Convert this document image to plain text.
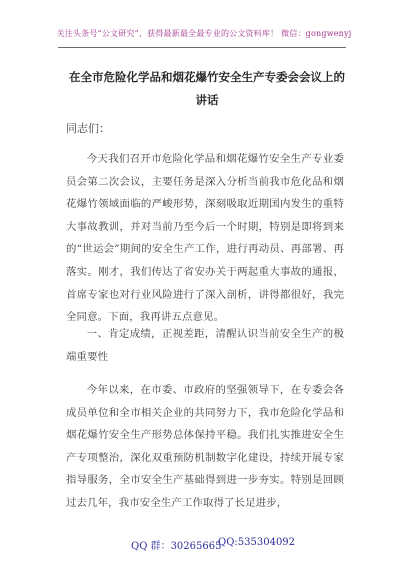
关注头条号“公文研究”，获得最新最全最专业的公文资料库！ 微信：gongwenyj
在全市危险化学品和烟花爆竹安全生产专委会会议上的讲话
同志们：

今天我们召开市危险化学品和烟花爆竹安全生产专业委员会第二次会议，主要任务是深入分析当前我市危化品和烟花爆竹领域面临的严峻形势，深刻吸取近期国内发生的重特大事故教训，并对当前乃至今后一个时期，特别是即将到来的“世运会”期间的安全生产工作，进行再动员、再部署、再落实。刚才，我们传达了省安办关于两起重大事故的通报，首席专家也对行业风险进行了深入剖析，讲得都很好，我完全同意。下面，我再讲五点意见。

一、肯定成绩，正视差距，清醒认识当前安全生产的极端重要性

今年以来，在市委、市政府的坚强领导下，在专委会各成员单位和全市相关企业的共同努力下，我市危险化学品和烟花爆竹安全生产形势总体保持平稳。我们扎实推进安全生产专项整治，深化双重预防机制数字化建设，持续开展专家指导服务，全市安全生产基础得到进一步夯实。特别是回顾过去几年，我市安全生产工作取得了长足进步，

QQ 群：30265665
QQ:535304092
